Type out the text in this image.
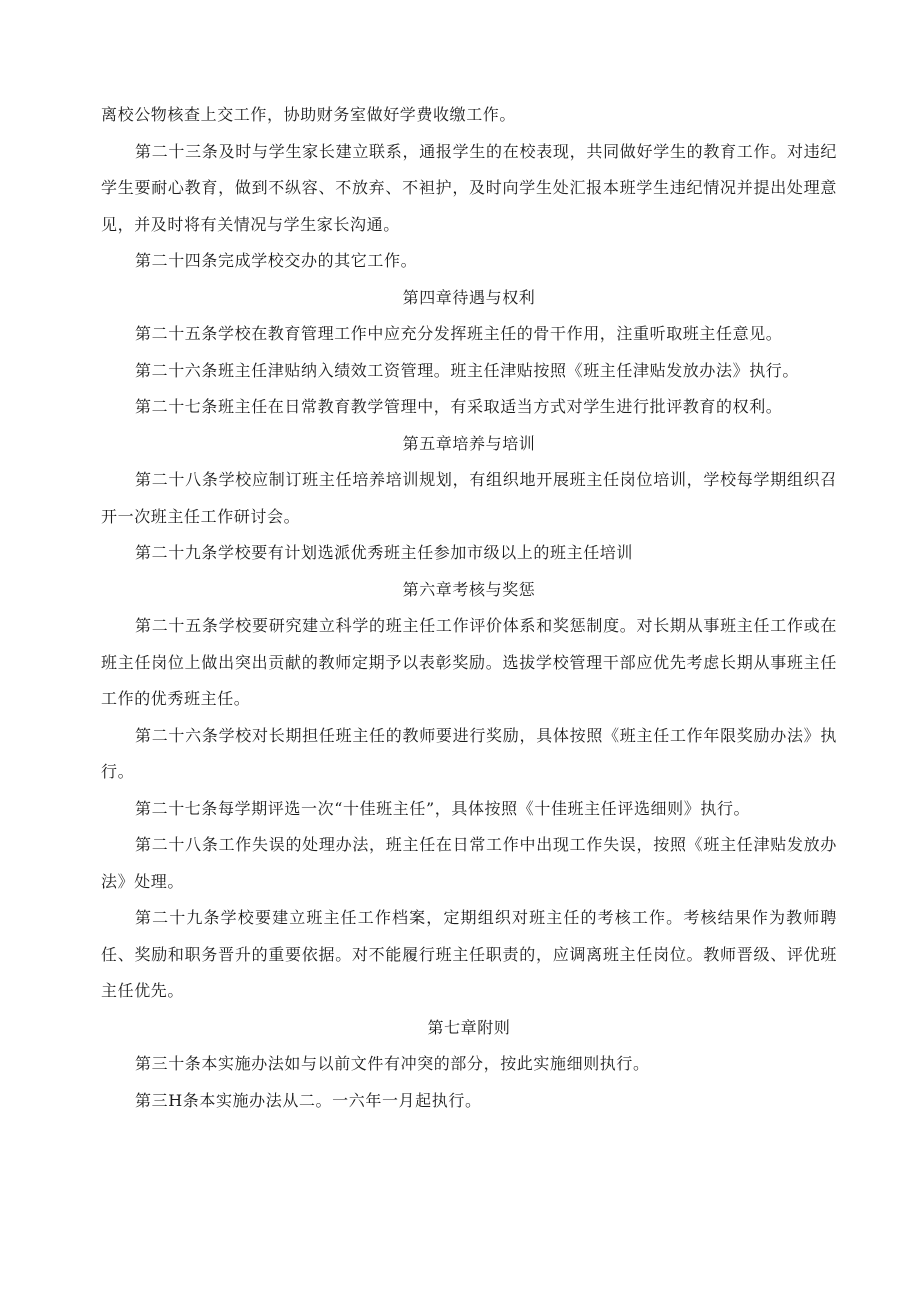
离校公物核查上交工作，协助财务室做好学费收缴工作。

第二十三条及时与学生家长建立联系，通报学生的在校表现，共同做好学生的教育工作。对违纪学生要耐心教育，做到不纵容、不放弃、不袒护，及时向学生处汇报本班学生违纪情况并提出处理意见，并及时将有关情况与学生家长沟通。

第二十四条完成学校交办的其它工作。

第四章待遇与权利

第二十五条学校在教育管理工作中应充分发挥班主任的骨干作用，注重听取班主任意见。

第二十六条班主任津贴纳入绩效工资管理。班主任津贴按照《班主任津贴发放办法》执行。

第二十七条班主任在日常教育教学管理中，有采取适当方式对学生进行批评教育的权利。

第五章培养与培训

第二十八条学校应制订班主任培养培训规划，有组织地开展班主任岗位培训，学校每学期组织召开一次班主任工作研讨会。

第二十九条学校要有计划选派优秀班主任参加市级以上的班主任培训

第六章考核与奖惩

第二十五条学校要研究建立科学的班主任工作评价体系和奖惩制度。对长期从事班主任工作或在班主任岗位上做出突出贡献的教师定期予以表彰奖励。选拔学校管理干部应优先考虑长期从事班主任工作的优秀班主任。

第二十六条学校对长期担任班主任的教师要进行奖励，具体按照《班主任工作年限奖励办法》执行。

第二十七条每学期评选一次“十佳班主任”，具体按照《十佳班主任评选细则》执行。

第二十八条工作失误的处理办法，班主任在日常工作中出现工作失误，按照《班主任津贴发放办法》处理。

第二十九条学校要建立班主任工作档案，定期组织对班主任的考核工作。考核结果作为教师聘任、奖励和职务晋升的重要依据。对不能履行班主任职责的，应调离班主任岗位。教师晋级、评优班主任优先。

第七章附则

第三十条本实施办法如与以前文件有冲突的部分，按此实施细则执行。

第三H条本实施办法从二。一六年一月起执行。
